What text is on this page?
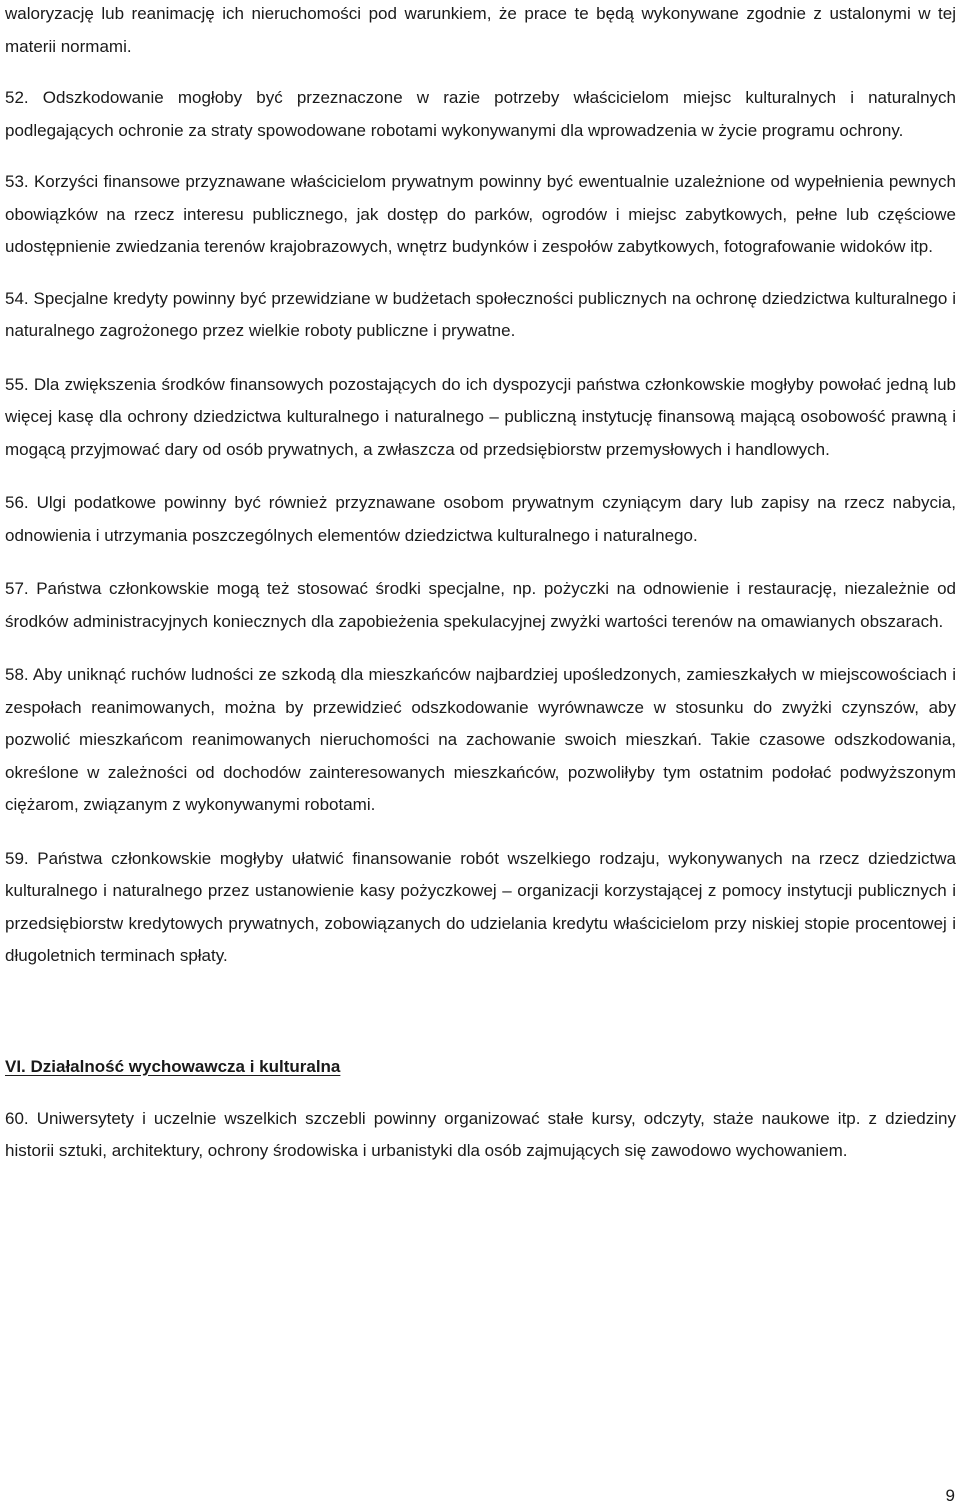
waloryzację lub reanimację ich nieruchomości pod warunkiem, że prace te będą wykonywane zgodnie z ustalonymi w tej materii normami.

52. Odszkodowanie mogłoby być przeznaczone w razie potrzeby właścicielom miejsc kulturalnych i naturalnych podlegających ochronie za straty spowodowane robotami wykonywanymi dla wprowadzenia w życie programu ochrony.

53. Korzyści finansowe przyznawane właścicielom prywatnym powinny być ewentualnie uzależnione od wypełnienia pewnych obowiązków na rzecz interesu publicznego, jak dostęp do parków, ogrodów i miejsc zabytkowych, pełne lub częściowe udostępnienie zwiedzania terenów krajobrazowych, wnętrz budynków i zespołów zabytkowych, fotografowanie widoków itp.

54. Specjalne kredyty powinny być przewidziane w budżetach społeczności publicznych na ochronę dziedzictwa kulturalnego i naturalnego zagrożonego przez wielkie roboty publiczne i prywatne.

55. Dla zwiększenia środków finansowych pozostających do ich dyspozycji państwa członkowskie mogłyby powołać jedną lub więcej kasę dla ochrony dziedzictwa kulturalnego i naturalnego – publiczną instytucję finansową mającą osobowość prawną i mogącą przyjmować dary od osób prywatnych, a zwłaszcza od przedsiębiorstw przemysłowych i handlowych.

56. Ulgi podatkowe powinny być również przyznawane osobom prywatnym czyniącym dary lub zapisy na rzecz nabycia, odnowienia i utrzymania poszczególnych elementów dziedzictwa kulturalnego i naturalnego.

57. Państwa członkowskie mogą też stosować środki specjalne, np. pożyczki na odnowienie i restaurację, niezależnie od środków administracyjnych koniecznych dla zapobieżenia spekulacyjnej zwyżki wartości terenów na omawianych obszarach.

58. Aby uniknąć ruchów ludności ze szkodą dla mieszkańców najbardziej upośledzonych, zamieszkałych w miejscowościach i zespołach reanimowanych, można by przewidzieć odszkodowanie wyrównawcze w stosunku do zwyżki czynszów, aby pozwolić mieszkańcom reanimowanych nieruchomości na zachowanie swoich mieszkań. Takie czasowe odszkodowania, określone w zależności od dochodów zainteresowanych mieszkańców, pozwoliłyby tym ostatnim podołać podwyższonym ciężarom, związanym z wykonywanymi robotami.

59. Państwa członkowskie mogłyby ułatwić finansowanie robót wszelkiego rodzaju, wykonywanych na rzecz dziedzictwa kulturalnego i naturalnego przez ustanowienie kasy pożyczkowej – organizacji korzystającej z pomocy instytucji publicznych i przedsiębiorstw kredytowych prywatnych, zobowiązanych do udzielania kredytu właścicielom przy niskiej stopie procentowej i długoletnich terminach spłaty.

VI. Działalność wychowawcza i kulturalna

60. Uniwersytety i uczelnie wszelkich szczebli powinny organizować stałe kursy, odczyty, staże naukowe itp. z dziedziny historii sztuki, architektury, ochrony środowiska i urbanistyki dla osób zajmujących się zawodowo wychowaniem.

9
